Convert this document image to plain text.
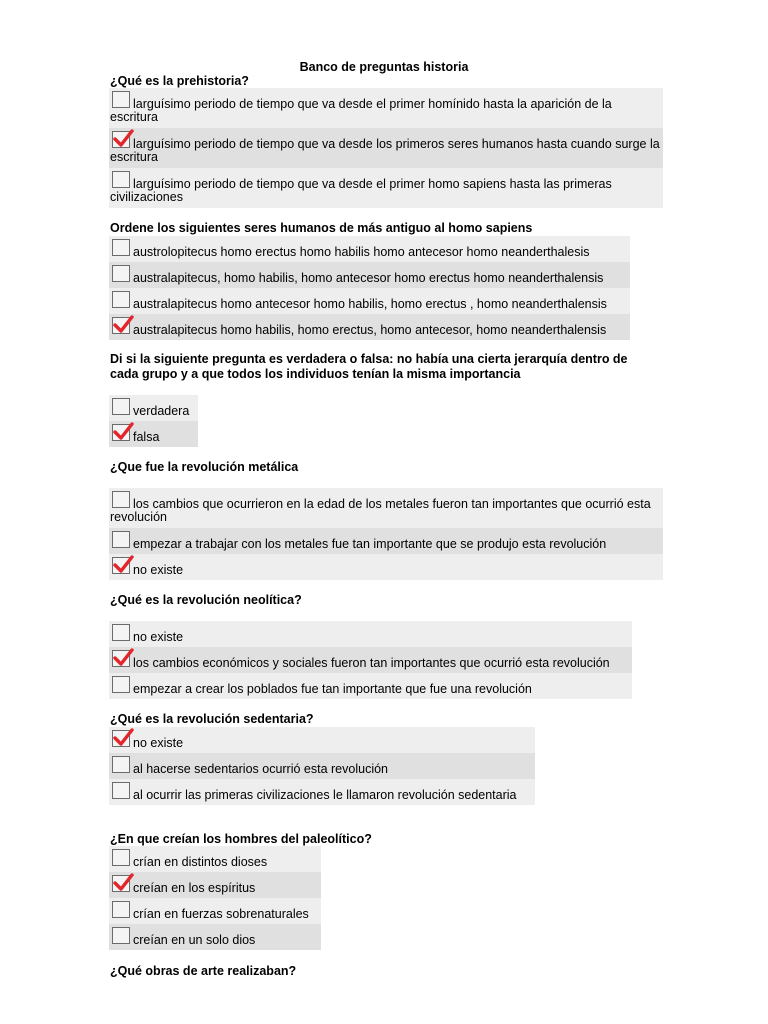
Banco de preguntas historia
¿Qué es la prehistoria?
larguísimo periodo de tiempo que va desde el primer homínido hasta la aparición de la escritura
larguísimo periodo de tiempo que va desde los primeros seres humanos hasta cuando surge la escritura
larguísimo periodo de tiempo que va desde el primer homo sapiens hasta las primeras civilizaciones
Ordene los siguientes seres humanos de más antiguo al homo sapiens
austrolopitecus homo erectus homo habilis homo antecesor homo neanderthalesis
australapitecus, homo habilis, homo antecesor homo erectus homo neanderthalensis
australapitecus homo antecesor homo habilis, homo erectus , homo neanderthalensis
australapitecus homo habilis, homo erectus, homo antecesor, homo neanderthalensis
Di si la siguiente pregunta es verdadera o falsa: no había una cierta jerarquía dentro de
cada grupo y a que todos los individuos tenían la misma importancia
verdadera
falsa
¿Que fue la revolución metálica
los cambios que ocurrieron en la edad de los metales fueron tan importantes que ocurrió esta revolución
empezar a trabajar con los metales fue tan importante que se produjo esta revolución
no existe
¿Qué es la revolución neolítica?
no existe
los cambios económicos y sociales fueron tan importantes que ocurrió esta revolución
empezar a crear los poblados fue tan importante que fue una revolución
¿Qué es la revolución sedentaria?
no existe
al hacerse sedentarios ocurrió esta revolución
al ocurrir las primeras civilizaciones le llamaron revolución sedentaria
¿En que creían los hombres del paleolítico?
crían en distintos dioses
creían en los espíritus
crían en fuerzas sobrenaturales
creían en un solo dios
¿Qué obras de arte realizaban?
